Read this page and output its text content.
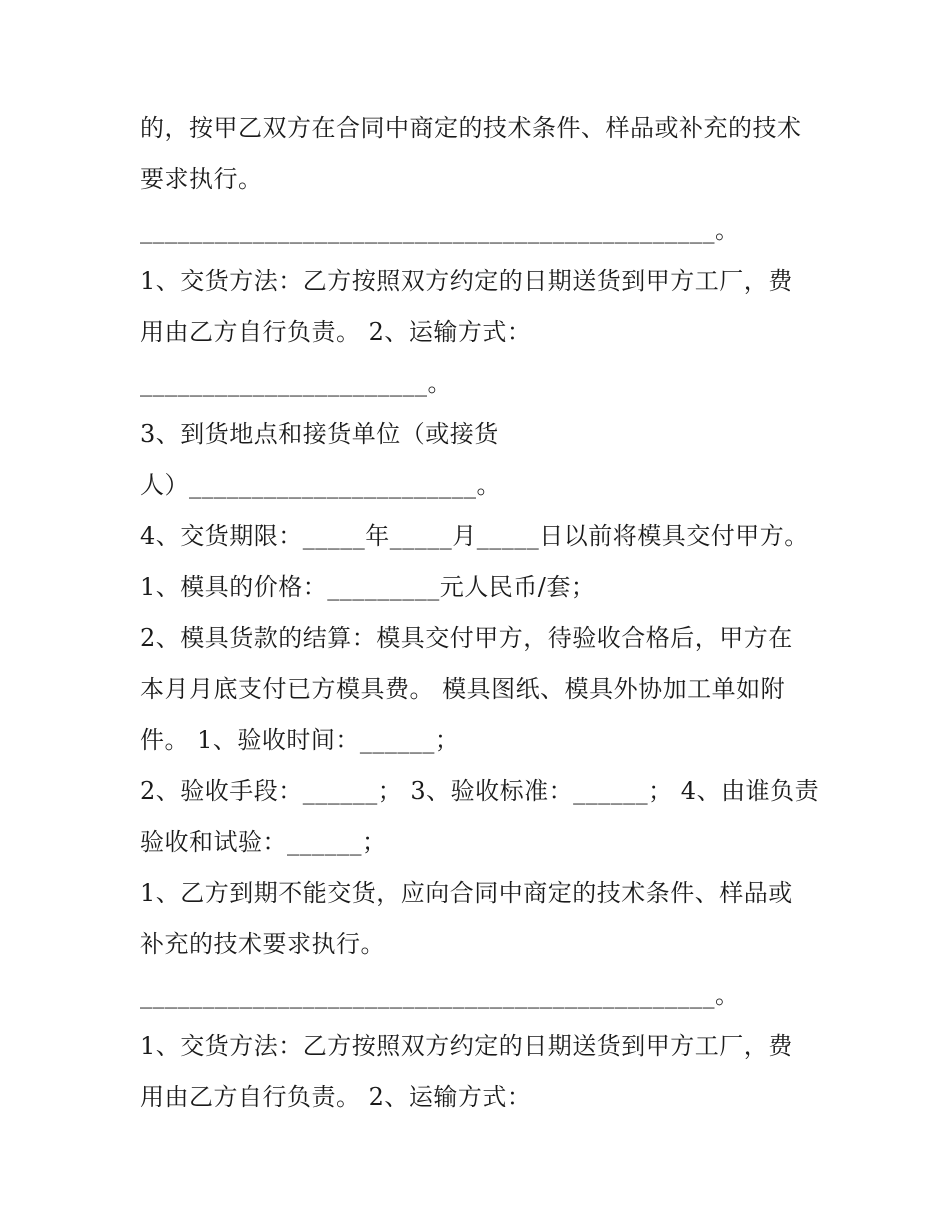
的，按甲乙双方在合同中商定的技术条件、样品或补充的技术
要求执行。
______________________________________________。
1、交货方法：乙方按照双方约定的日期送货到甲方工厂，费
用由乙方自行负责。 2、运输方式：
_______________________。
3、到货地点和接货单位（或接货
人）_______________________。
4、交货期限：_____年_____月_____日以前将模具交付甲方。
1、模具的价格：_________元人民币/套；
2、模具货款的结算：模具交付甲方，待验收合格后，甲方在
本月月底支付已方模具费。 模具图纸、模具外协加工单如附
件。 1、验收时间：______；
2、验收手段：______； 3、验收标准：______； 4、由谁负责
验收和试验：______；
1、乙方到期不能交货，应向合同中商定的技术条件、样品或
补充的技术要求执行。
______________________________________________。
1、交货方法：乙方按照双方约定的日期送货到甲方工厂，费
用由乙方自行负责。 2、运输方式：
